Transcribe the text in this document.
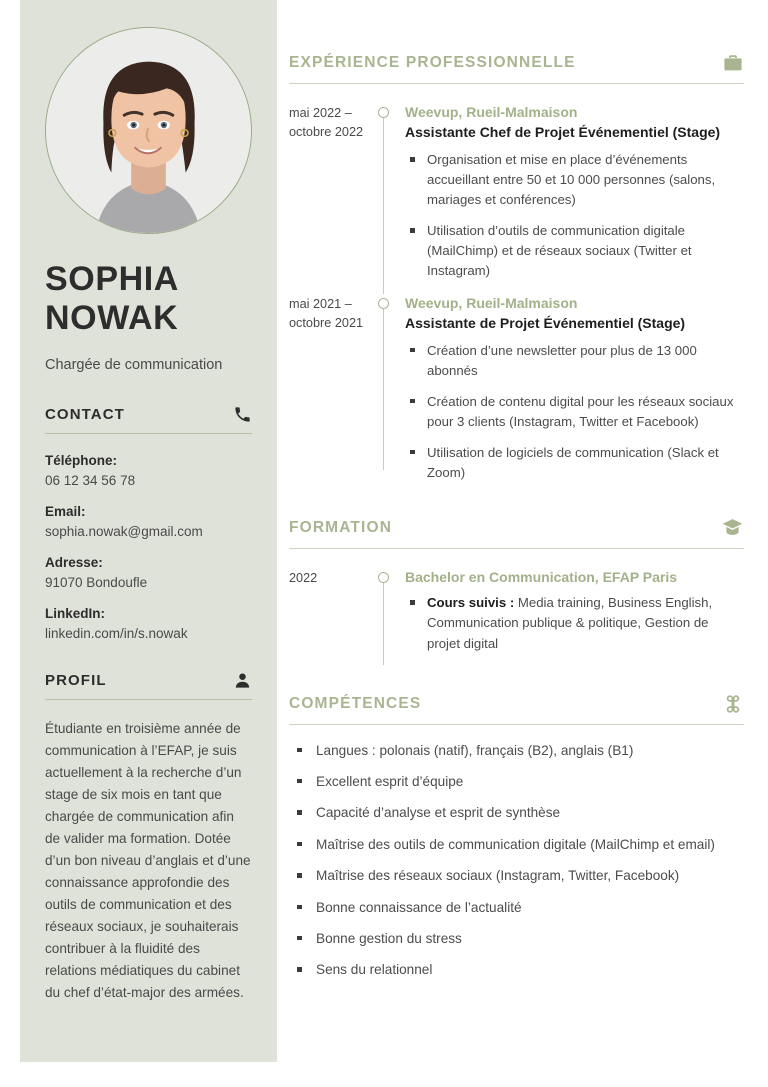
SOPHIA
NOWAK
Chargée de communication
CONTACT
Téléphone:
06 12 34 56 78
Email:
sophia.nowak@gmail.com
Adresse:
91070 Bondoufle
LinkedIn:
linkedin.com/in/s.nowak
PROFIL

Étudiante en troisième année de communication à l’EFAP, je suis actuellement à la recherche d’un stage de six mois en tant que chargée de communication afin de valider ma formation. Dotée d’un bon niveau d’anglais et d’une connaissance approfondie des outils de communication et des réseaux sociaux, je souhaiterais contribuer à la fluidité des relations médiatiques du cabinet du chef d’état-major des armées.

EXPÉRIENCE PROFESSIONNELLE
mai 2022 – octobre 2022
Weevup, Rueil-Malmaison
Assistante Chef de Projet Événementiel (Stage)
Organisation et mise en place d’événements accueillant entre 50 et 10 000 personnes (salons, mariages et conférences)
Utilisation d’outils de communication digitale (MailChimp) et de réseaux sociaux (Twitter et Instagram)
mai 2021 – octobre 2021
Weevup, Rueil-Malmaison
Assistante de Projet Événementiel (Stage)
Création d’une newsletter pour plus de 13 000 abonnés
Création de contenu digital pour les réseaux sociaux pour 3 clients (Instagram, Twitter et Facebook)
Utilisation de logiciels de communication (Slack et Zoom)
FORMATION
2022	Bachelor en Communication, EFAP Paris
Cours suivis : Media training, Business English, Communication publique & politique, Gestion de projet digital
COMPÉTENCES
Langues : polonais (natif), français (B2), anglais (B1)
Excellent esprit d’équipe
Capacité d’analyse et esprit de synthèse
Maîtrise des outils de communication digitale (MailChimp et email)
Maîtrise des réseaux sociaux (Instagram, Twitter, Facebook)
Bonne connaissance de l’actualité
Bonne gestion du stress
Sens du relationnel
